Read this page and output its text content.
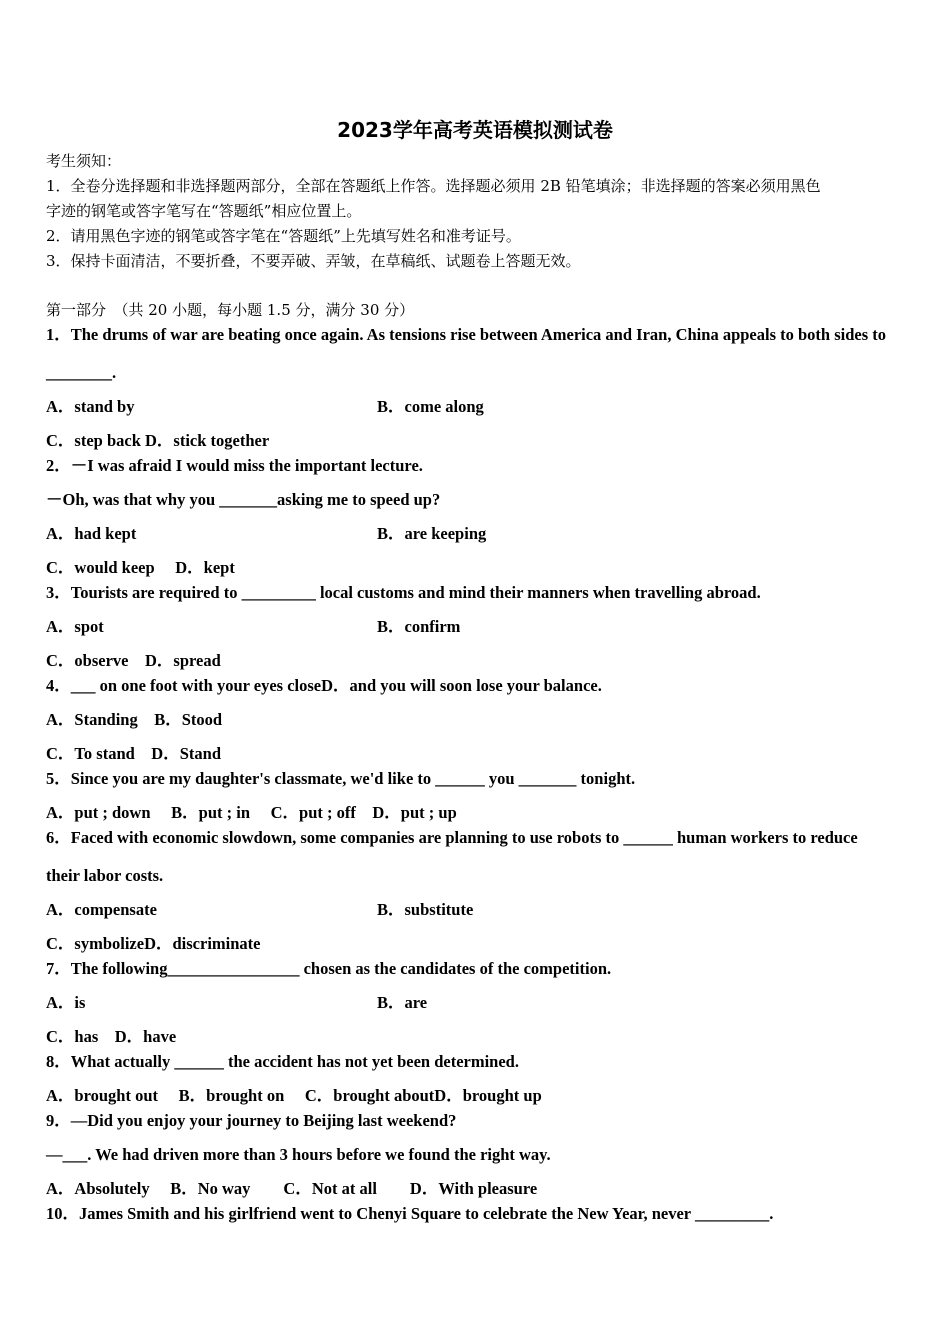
2023学年高考英语模拟测试卷
考生须知：
1．全卷分选择题和非选择题两部分，全部在答题纸上作答。选择题必须用 2B 铅笔填涂；非选择题的答案必须用黑色
字迹的钢笔或答字笔写在“答题纸”相应位置上。
2．请用黑色字迹的钢笔或答字笔在“答题纸”上先填写姓名和准考证号。
3．保持卡面清洁，不要折叠，不要弄破、弄皱，在草稿纸、试题卷上答题无效。
第一部分　（共 20 小题，每小题 1.5 分，满分 30 分）
1．The drums of war are beating once again. As tensions rise between America and Iran, China appeals to both sides to
________.
A．stand by	B．come along
C．step back D．stick together
2．－I was afraid I would miss the important lecture.
－Oh, was that why you _______asking me to speed up?
A．had kept	B．are keeping
C．would keep　 D．kept
3．Tourists are required to _________ local customs and mind their manners when travelling abroad.
A．spot	B．confirm
C．observe　D．spread
4．___ on one foot with your eyes closeD．and you will soon lose your balance.
A．Standing　B．Stood
C．To stand　D．Stand
5．Since you are my daughter's classmate, we'd like to ______ you _______ tonight.
A．put ; down　 B．put ; in　 C．put ; off　D．put ; up
6．Faced with economic slowdown, some companies are planning to use robots to ______ human workers to reduce
their labor costs.
A．compensate	B．substitute
C．symbolizeD．discriminate
7．The following________________ chosen as the candidates of the competition.
A．is	B．are
C．has　D．have
8．What actually ______ the accident has not yet been determined.
A．brought out　 B．brought on　 C．brought aboutD．brought up
9．—Did you enjoy your journey to Beijing last weekend?
—___. We had driven more than 3 hours before we found the right way.
A．Absolutely　 B．No way　　C．Not at all　　D．With pleasure
10．James Smith and his girlfriend went to Chenyi Square to celebrate the New Year, never _________.
